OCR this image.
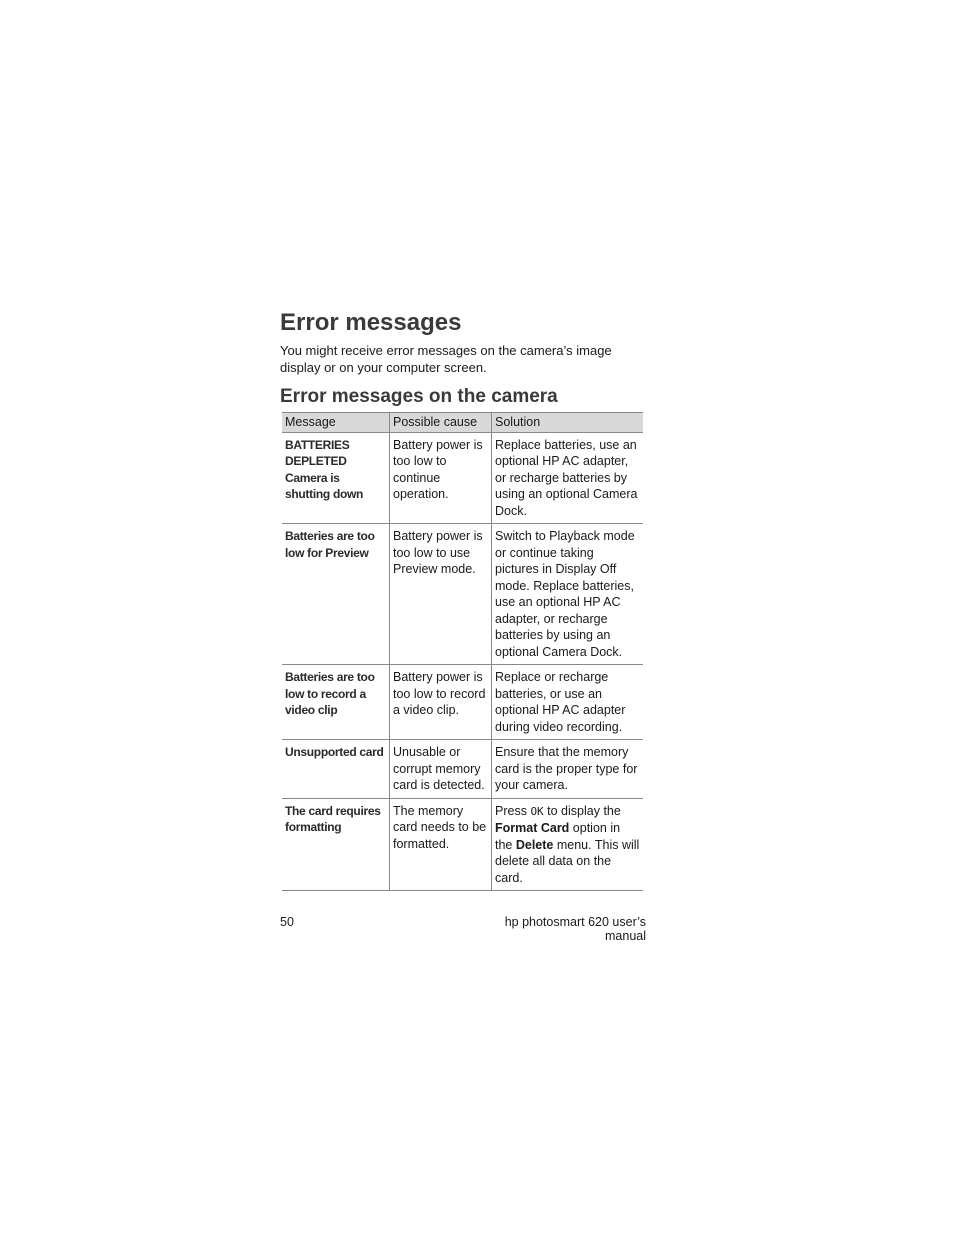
Error messages

You might receive error messages on the camera’s image display or on your computer screen.

Error messages on the camera
Message	Possible cause	Solution
BATTERIES
DEPLETED
Camera is
shutting down	Battery power is too low to continue operation.	Replace batteries, use an optional HP AC adapter, or recharge batteries by using an optional Camera Dock.
Batteries are too low for Preview	Battery power is too low to use Preview mode.	Switch to Playback mode or continue taking pictures in Display Off mode. Replace batteries, use an optional HP AC adapter, or recharge batteries by using an optional Camera Dock.
Batteries are too low to record a video clip	Battery power is too low to record a video clip.	Replace or recharge batteries, or use an optional HP AC adapter during video recording.
Unsupported card	Unusable or corrupt memory card is detected.	Ensure that the memory card is the proper type for your camera.
The card requires formatting	The memory card needs to be formatted.	Press OK to display the Format Card option in the Delete menu. This will delete all data on the card.
50	hp photosmart 620 user’s manual
